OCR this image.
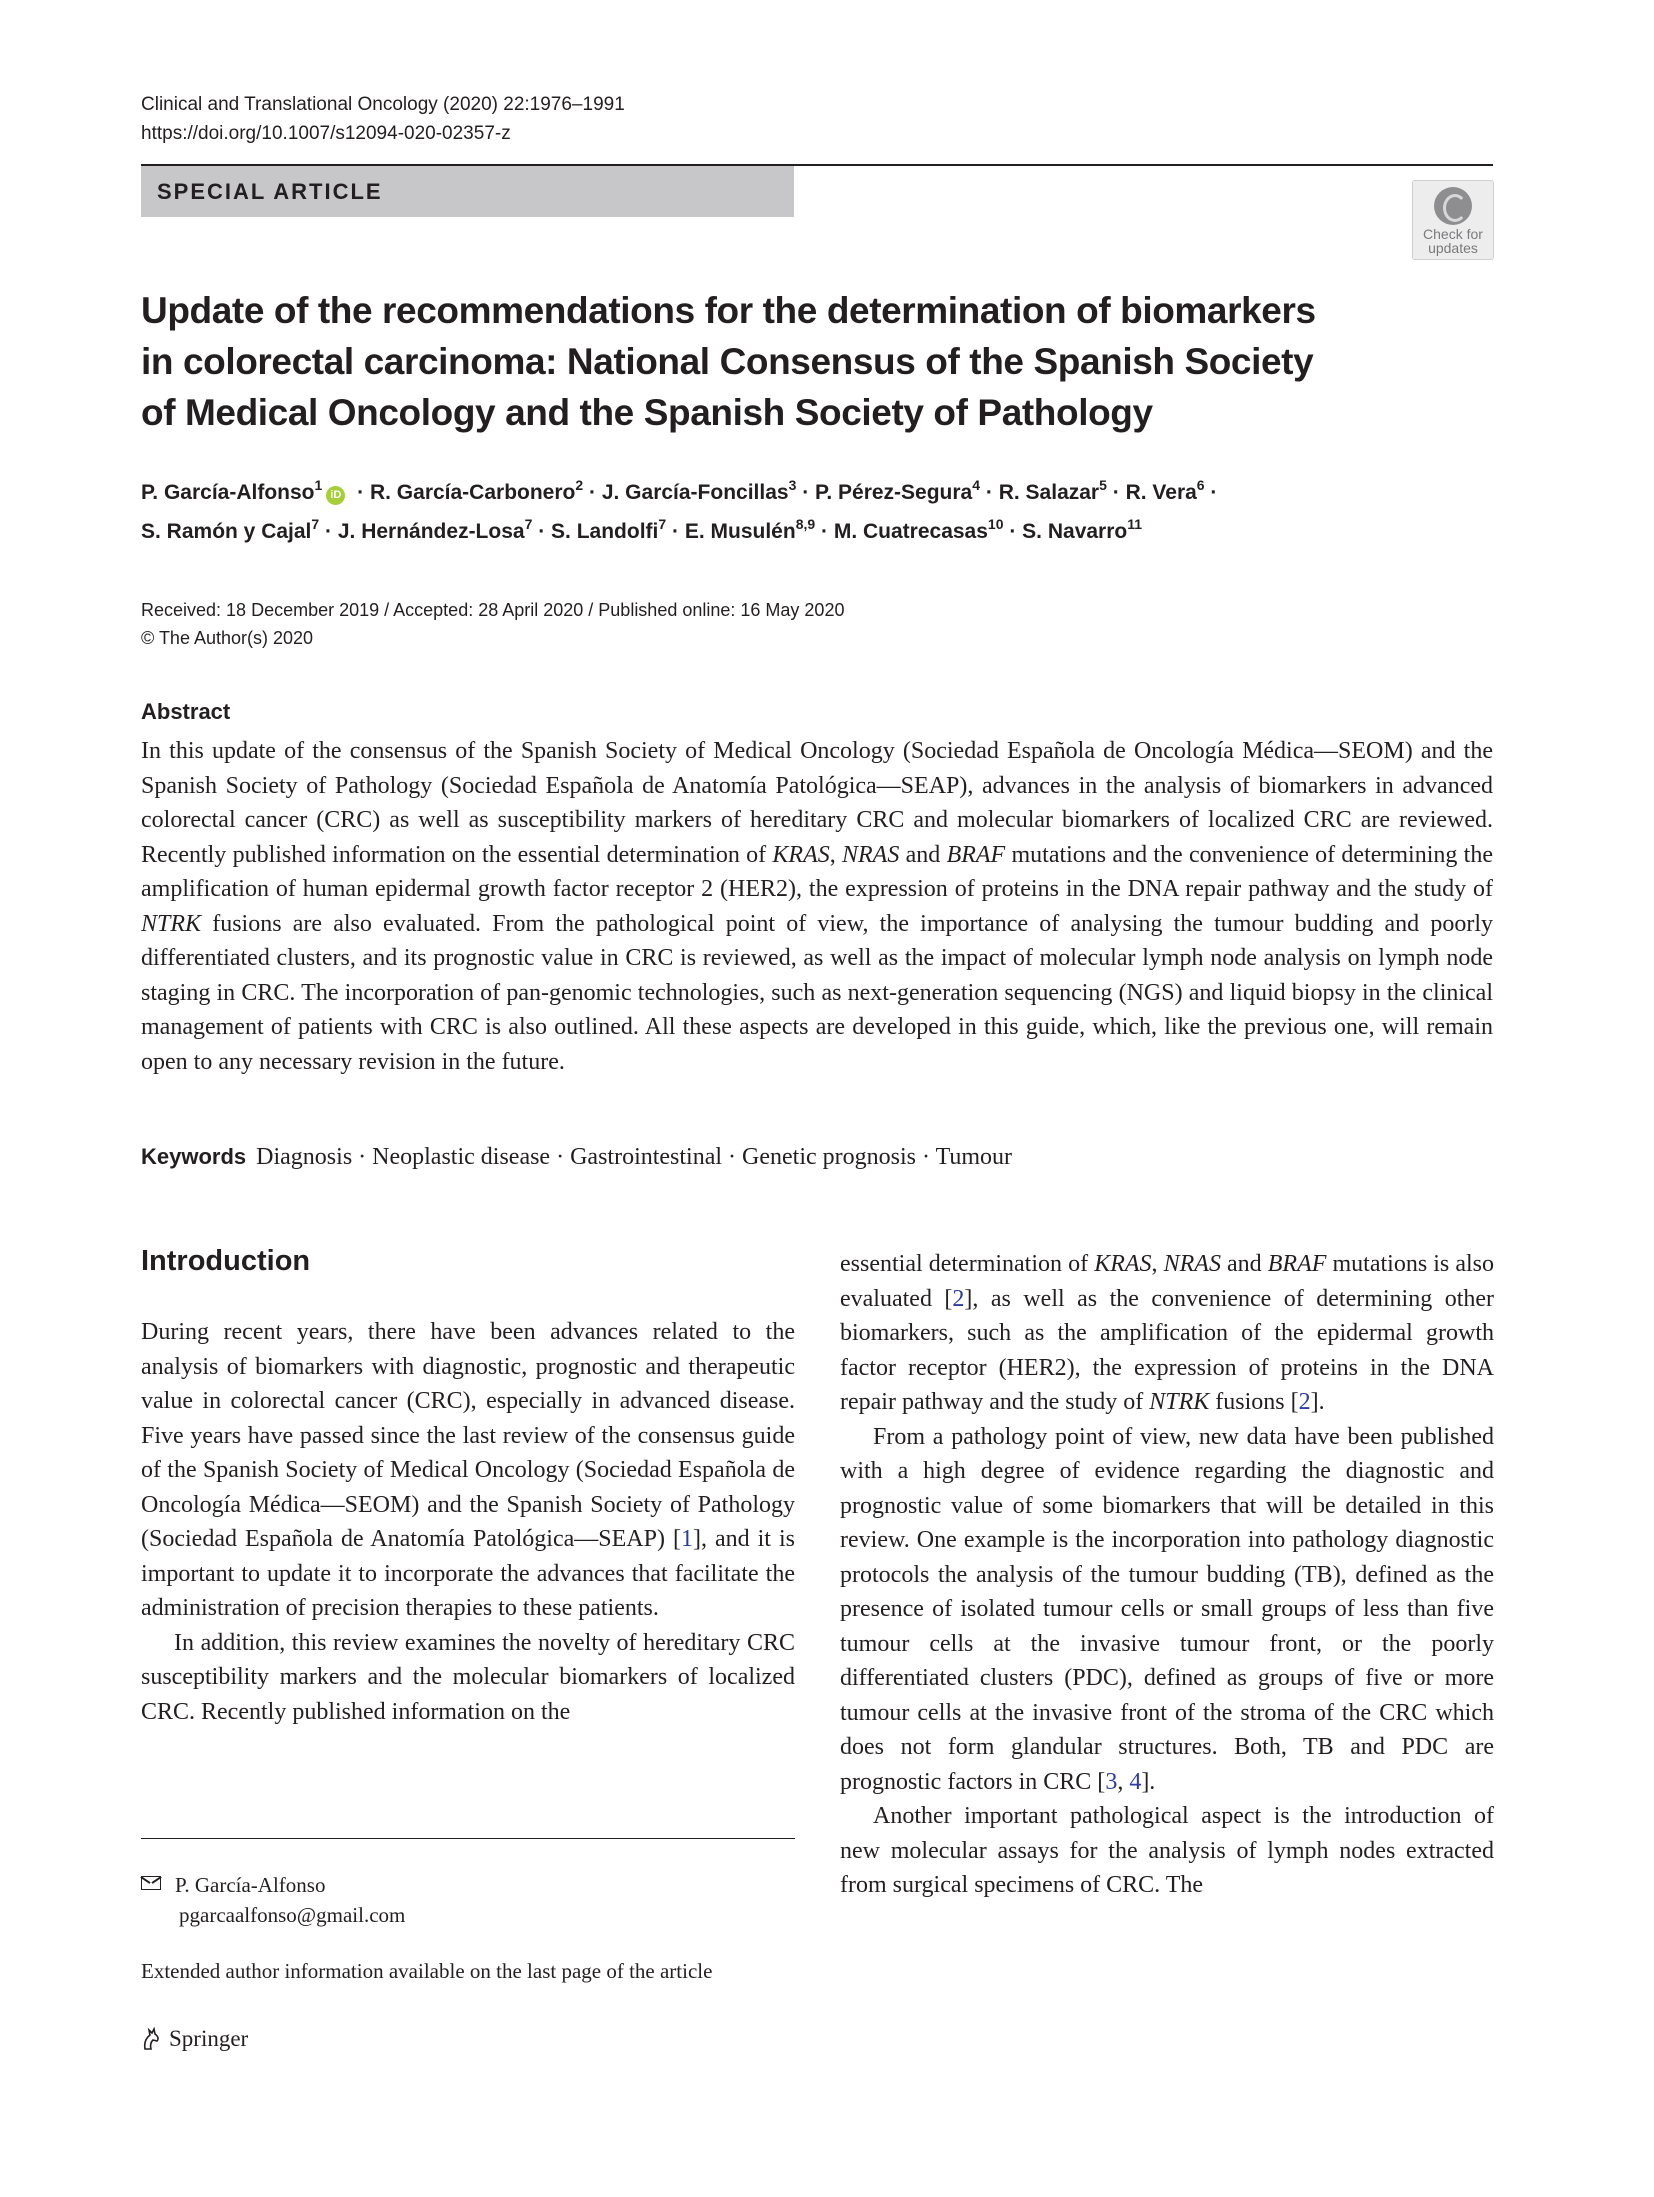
Clinical and Translational Oncology (2020) 22:1976–1991
https://doi.org/10.1007/s12094-020-02357-z
SPECIAL ARTICLE
Check for
updates
Update of the recommendations for the determination of biomarkers
in colorectal carcinoma: National Consensus of the Spanish Society
of Medical Oncology and the Spanish Society of Pathology
P. García-Alfonso$^1$iD · R. García-Carbonero$^2$ · J. García-Foncillas$^3$ · P. Pérez-Segura$^4$ · R. Salazar$^5$ · R. Vera$^6$ ·
S. Ramón y Cajal$^7$ · J. Hernández-Losa$^7$ · S. Landolfi$^7$ · E. Musulén$^{8,9}$ · M. Cuatrecasas$^{10}$ · S. Navarro$^{11}$
Received: 18 December 2019 / Accepted: 28 April 2020 / Published online: 16 May 2020
© The Author(s) 2020
Abstract
In this update of the consensus of the Spanish Society of Medical Oncology (Sociedad Española de Oncología Médica—SEOM) and the Spanish Society of Pathology (Sociedad Española de Anatomía Patológica—SEAP), advances in the analysis of biomarkers in advanced colorectal cancer (CRC) as well as susceptibility markers of hereditary CRC and molecular biomarkers of localized CRC are reviewed. Recently published information on the essential determination of KRAS, NRAS and BRAF mutations and the convenience of determining the amplification of human epidermal growth factor receptor 2 (HER2), the expression of proteins in the DNA repair pathway and the study of NTRK fusions are also evaluated. From the pathological point of view, the importance of analysing the tumour budding and poorly differentiated clusters, and its prognostic value in CRC is reviewed, as well as the impact of molecular lymph node analysis on lymph node staging in CRC. The incorporation of pan-genomic technologies, such as next-generation sequencing (NGS) and liquid biopsy in the clinical management of patients with CRC is also outlined. All these aspects are developed in this guide, which, like the previous one, will remain open to any necessary revision in the future.
Keywords Diagnosis · Neoplastic disease · Gastrointestinal · Genetic prognosis · Tumour
Introduction

During recent years, there have been advances related to the analysis of biomarkers with diagnostic, prognostic and therapeutic value in colorectal cancer (CRC), especially in advanced disease. Five years have passed since the last review of the consensus guide of the Spanish Society of Medical Oncology (Sociedad Española de Oncología Médica—SEOM) and the Spanish Society of Pathology (Sociedad Española de Anatomía Patológica—SEAP) [1], and it is important to update it to incorporate the advances that facilitate the administration of precision therapies to these patients.

In addition, this review examines the novelty of hereditary CRC susceptibility markers and the molecular biomarkers of localized CRC. Recently published information on the

essential determination of KRAS, NRAS and BRAF mutations is also evaluated [2], as well as the convenience of determining other biomarkers, such as the amplification of the epidermal growth factor receptor (HER2), the expression of proteins in the DNA repair pathway and the study of NTRK fusions [2].

From a pathology point of view, new data have been published with a high degree of evidence regarding the diagnostic and prognostic value of some biomarkers that will be detailed in this review. One example is the incorporation into pathology diagnostic protocols the analysis of the tumour budding (TB), defined as the presence of isolated tumour cells or small groups of less than five tumour cells at the invasive tumour front, or the poorly differentiated clusters (PDC), defined as groups of five or more tumour cells at the invasive front of the stroma of the CRC which does not form glandular structures. Both, TB and PDC are prognostic factors in CRC [3, 4].

Another important pathological aspect is the introduction of new molecular assays for the analysis of lymph nodes extracted from surgical specimens of CRC. The

P. García-Alfonso
pgarcaalfonso@gmail.com
Extended author information available on the last page of the article
Springer
